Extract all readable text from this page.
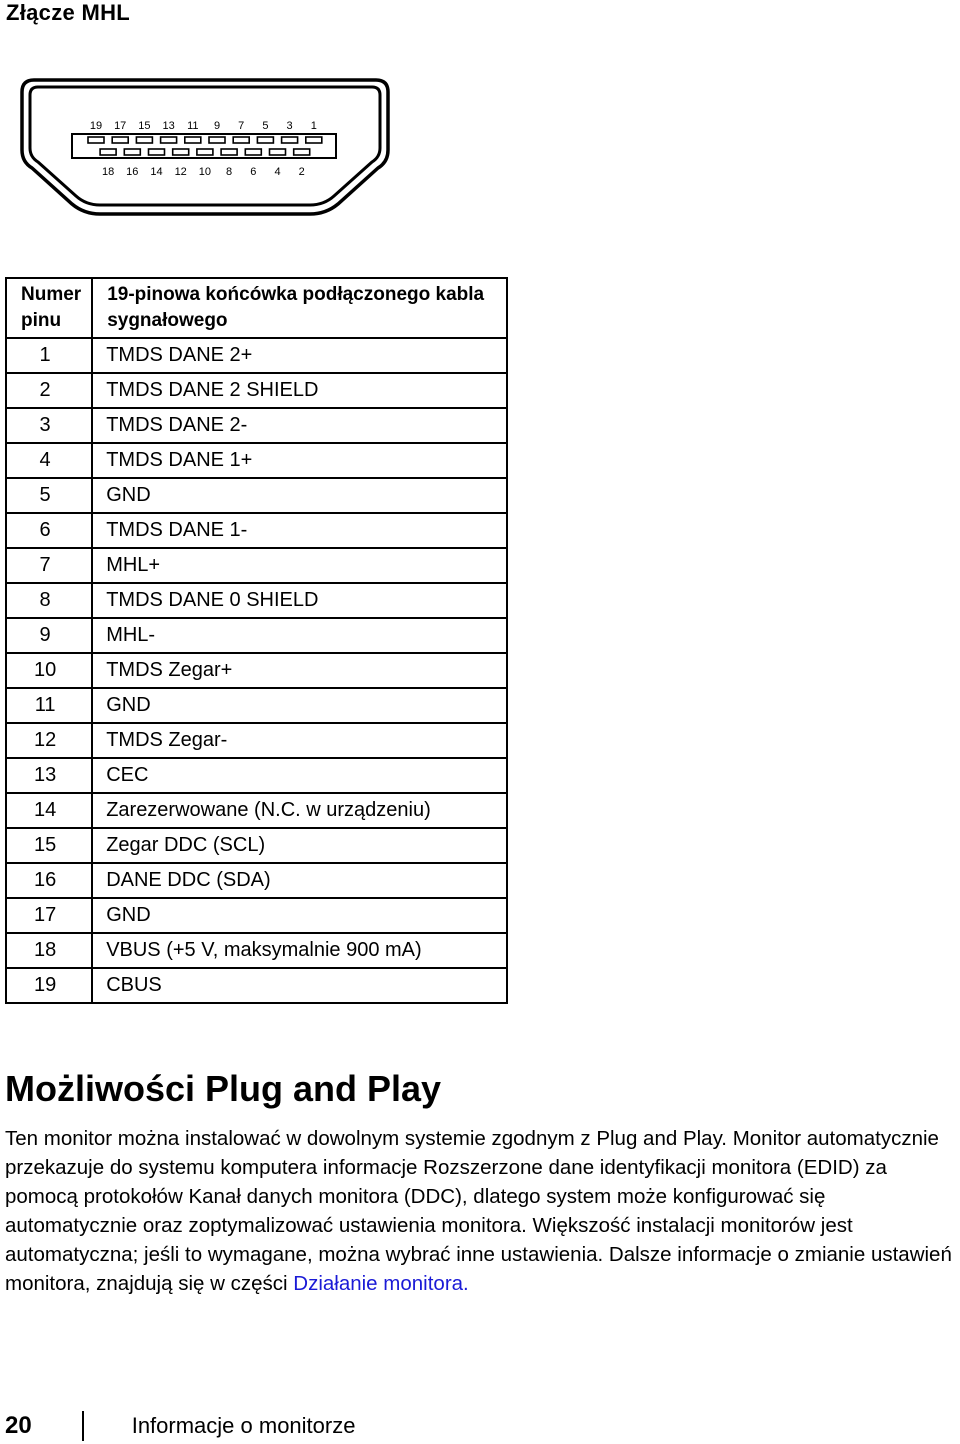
Złącze MHL
19 17 15 13 11 9 7 5 3 1
18 16 14 12 10 8 6 4 2
Numer pinu	19-pinowa końcówka podłączonego kabla sygnałowego
1	TMDS DANE 2+
2	TMDS DANE 2 SHIELD
3	TMDS DANE 2-
4	TMDS DANE 1+
5	GND
6	TMDS DANE 1-
7	MHL+
8	TMDS DANE 0 SHIELD
9	MHL-
10	TMDS Zegar+
11	GND
12	TMDS Zegar-
13	CEC
14	Zarezerwowane (N.C. w urządzeniu)
15	Zegar DDC (SCL)
16	DANE DDC (SDA)
17	GND
18	VBUS (+5 V, maksymalnie 900 mA)
19	CBUS
Możliwości Plug and Play

Ten monitor można instalować w dowolnym systemie zgodnym z Plug and Play. Monitor automatycznie przekazuje do systemu komputera informacje Rozszerzone dane identyfikacji monitora (EDID) za pomocą protokołów Kanał danych monitora (DDC), dlatego system może konfigurować się automatycznie oraz zoptymalizować ustawienia monitora. Większość instalacji monitorów jest automatyczna; jeśli to wymagane, można wybrać inne ustawienia. Dalsze informacje o zmianie ustawień monitora, znajdują się w części Działanie monitora.

20	Informacje o monitorze
